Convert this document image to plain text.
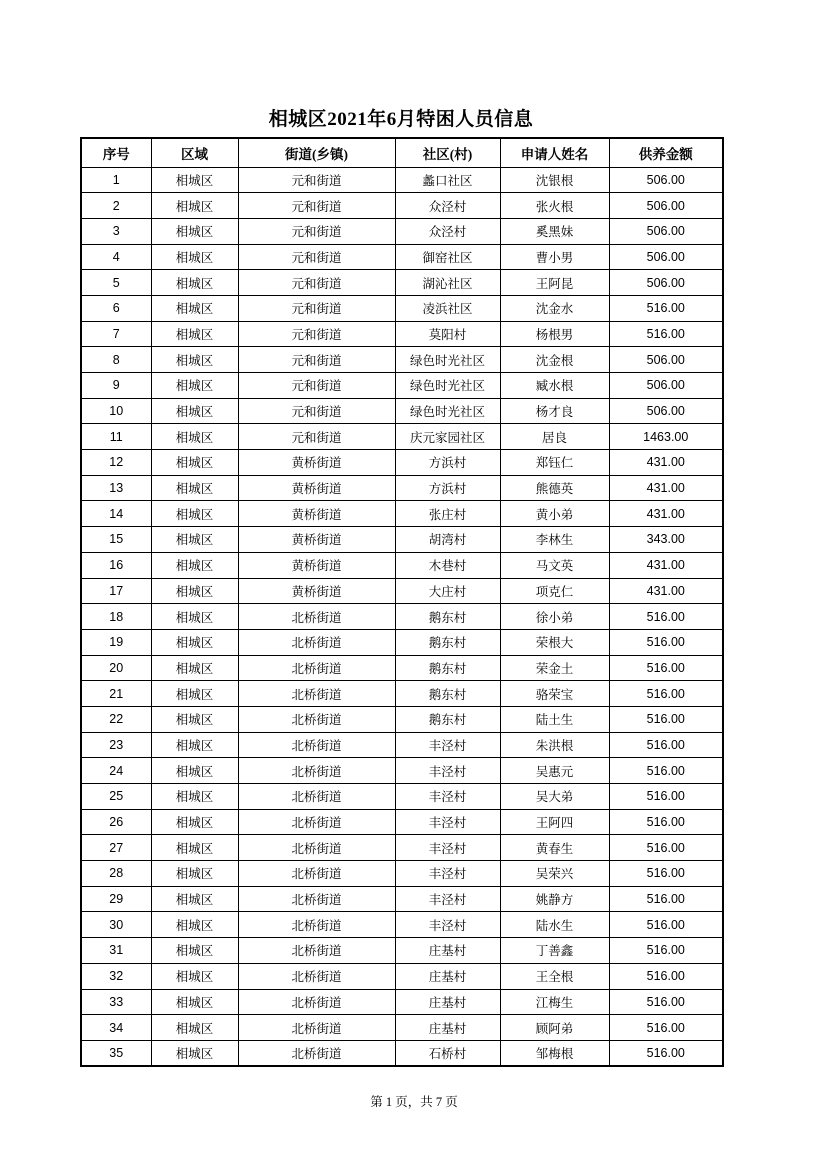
相城区2021年6月特困人员信息
序号	区域	街道(乡镇)	社区(村)	申请人姓名	供养金额
1	相城区	元和街道	蠡口社区	沈银根	506.00
2	相城区	元和街道	众泾村	张火根	506.00
3	相城区	元和街道	众泾村	奚黑妹	506.00
4	相城区	元和街道	御窑社区	曹小男	506.00
5	相城区	元和街道	湖沁社区	王阿昆	506.00
6	相城区	元和街道	凌浜社区	沈金水	516.00
7	相城区	元和街道	莫阳村	杨根男	516.00
8	相城区	元和街道	绿色时光社区	沈金根	506.00
9	相城区	元和街道	绿色时光社区	臧水根	506.00
10	相城区	元和街道	绿色时光社区	杨才良	506.00
11	相城区	元和街道	庆元家园社区	居良	1463.00
12	相城区	黄桥街道	方浜村	郑钰仁	431.00
13	相城区	黄桥街道	方浜村	熊德英	431.00
14	相城区	黄桥街道	张庄村	黄小弟	431.00
15	相城区	黄桥街道	胡湾村	李林生	343.00
16	相城区	黄桥街道	木巷村	马文英	431.00
17	相城区	黄桥街道	大庄村	项克仁	431.00
18	相城区	北桥街道	鹅东村	徐小弟	516.00
19	相城区	北桥街道	鹅东村	荣根大	516.00
20	相城区	北桥街道	鹅东村	荣金土	516.00
21	相城区	北桥街道	鹅东村	骆荣宝	516.00
22	相城区	北桥街道	鹅东村	陆土生	516.00
23	相城区	北桥街道	丰泾村	朱洪根	516.00
24	相城区	北桥街道	丰泾村	吴惠元	516.00
25	相城区	北桥街道	丰泾村	吴大弟	516.00
26	相城区	北桥街道	丰泾村	王阿四	516.00
27	相城区	北桥街道	丰泾村	黄春生	516.00
28	相城区	北桥街道	丰泾村	吴荣兴	516.00
29	相城区	北桥街道	丰泾村	姚静方	516.00
30	相城区	北桥街道	丰泾村	陆水生	516.00
31	相城区	北桥街道	庄基村	丁善鑫	516.00
32	相城区	北桥街道	庄基村	王全根	516.00
33	相城区	北桥街道	庄基村	江梅生	516.00
34	相城区	北桥街道	庄基村	顾阿弟	516.00
35	相城区	北桥街道	石桥村	邹梅根	516.00
第 1 页，共 7 页
